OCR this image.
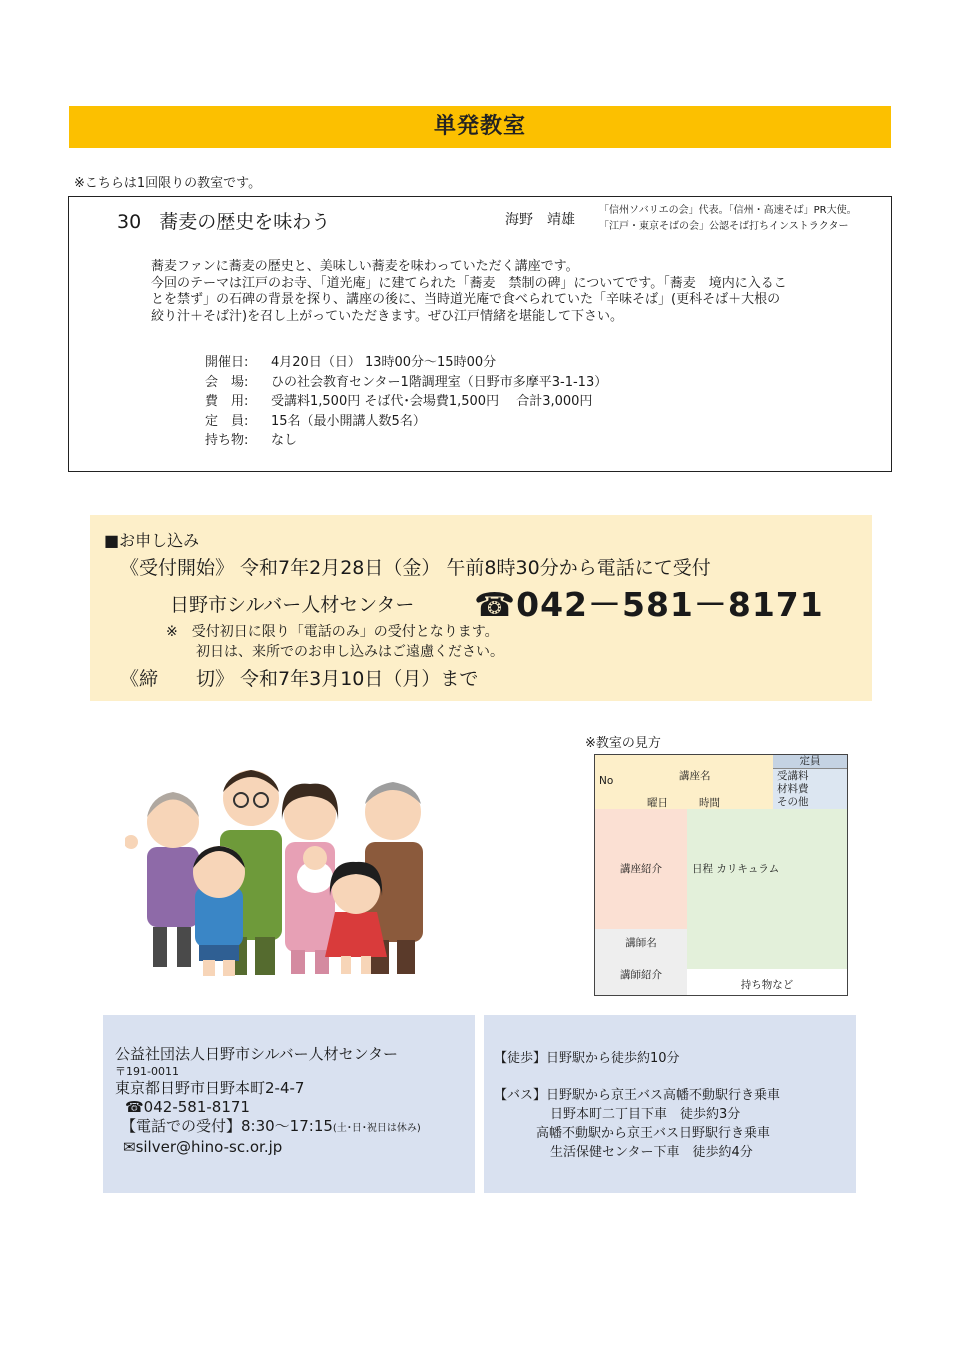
単発教室
※こちらは1回限りの教室です。
30 蕎麦の歴史を味わう	海野　靖雄
「信州ソバリエの会」代表。「信州・高速そば」PR大使。
「江戸・東京そばの会」公認そば打ちインストラクター
蕎麦ファンに蕎麦の歴史と、美味しい蕎麦を味わっていただく講座です。
今回のテーマは江戸のお寺、「道光庵」に建てられた「蕎麦　禁制の碑」についてです。「蕎麦　境内に入ることを禁ず」の石碑の背景を探り、講座の後に、当時道光庵で食べられていた「辛味そば」(更科そば＋大根の絞り汁＋そば汁)を召し上がっていただきます。ぜひ江戸情緒を堪能して下さい。
開催日:	4月20日（日） 13時00分～15時00分
会　場:	ひの社会教育センター1階調理室（日野市多摩平3-1-13）
費　用:	受講料1,500円 そば代･会場費1,500円　 合計3,000円
定　員:	15名（最小開講人数5名）
持ち物:	なし
■お申し込み
《受付開始》 令和7年2月28日（金） 午前8時30分から電話にて受付
日野市シルバー人材センター ☎042－581－8171
※　受付初日に限り「電話のみ」の受付となります。
初日は、来所でのお申し込みはご遠慮ください。
《締　　切》 令和7年3月10日（月）まで
※教室の見方
No	講座名
曜日	時間
定員
受講料
材料費
その他
講座紹介	日程 カリキュラム
講師名
講師紹介
持ち物など
公益社団法人日野市シルバー人材センター
〒191-0011
東京都日野市日野本町2-4-7
☎042-581-8171
【電話での受付】8:30～17:15(土･日･祝日は休み)
✉silver@hino-sc.or.jp
【徒歩】日野駅から徒歩約10分
【バス】日野駅から京王バス高幡不動駅行き乗車
日野本町二丁目下車　徒歩約3分
高幡不動駅から京王バス日野駅行き乗車
生活保健センター下車　徒歩約4分
